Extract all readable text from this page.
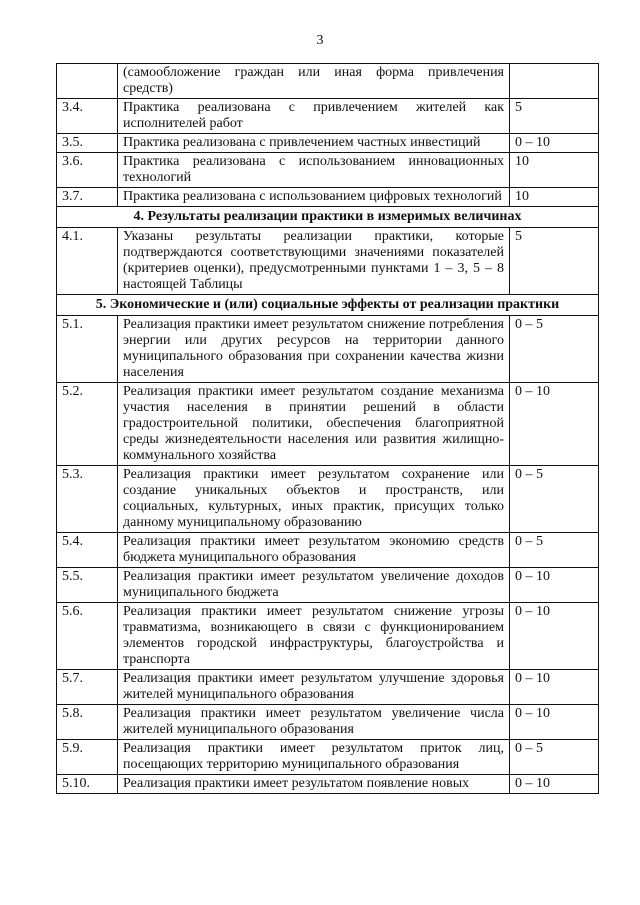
3
	(самообложение граждан или иная форма привлечения средств)	
3.4.	Практика реализована с привлечением жителей как исполнителей работ	5
3.5.	Практика реализована с привлечением частных инвестиций	0 – 10
3.6.	Практика реализована с использованием инновационных технологий	10
3.7.	Практика реализована с использованием цифровых технологий	10
4. Результаты реализации практики в измеримых величинах		
4.1.	Указаны результаты реализации практики, которые подтверждаются соответствующими значениями показателей (критериев оценки), предусмотренными пунктами 1 – 3, 5 – 8 настоящей Таблицы	5
5. Экономические и (или) социальные эффекты от реализации практики		
5.1.	Реализация практики имеет результатом снижение потребления энергии или других ресурсов на территории данного муниципального образования при сохранении качества жизни населения	0 – 5
5.2.	Реализация практики имеет результатом создание механизма участия населения в принятии решений в области градостроительной политики, обеспечения благоприятной среды жизнедеятельности населения или развития жилищно-коммунального хозяйства	0 – 10
5.3.	Реализация практики имеет результатом сохранение или создание уникальных объектов и пространств, или социальных, культурных, иных практик, присущих только данному муниципальному образованию	0 – 5
5.4.	Реализация практики имеет результатом экономию средств бюджета муниципального образования	0 – 5
5.5.	Реализация практики имеет результатом увеличение доходов муниципального бюджета	0 – 10
5.6.	Реализация практики имеет результатом снижение угрозы травматизма, возникающего в связи с функционированием элементов городской инфраструктуры, благоустройства и транспорта	0 – 10
5.7.	Реализация практики имеет результатом улучшение здоровья жителей муниципального образования	0 – 10
5.8.	Реализация практики имеет результатом увеличение числа жителей муниципального образования	0 – 10
5.9.	Реализация практики имеет результатом приток лиц, посещающих территорию муниципального образования	0 – 5
5.10.	Реализация практики имеет результатом появление новых	0 – 10
